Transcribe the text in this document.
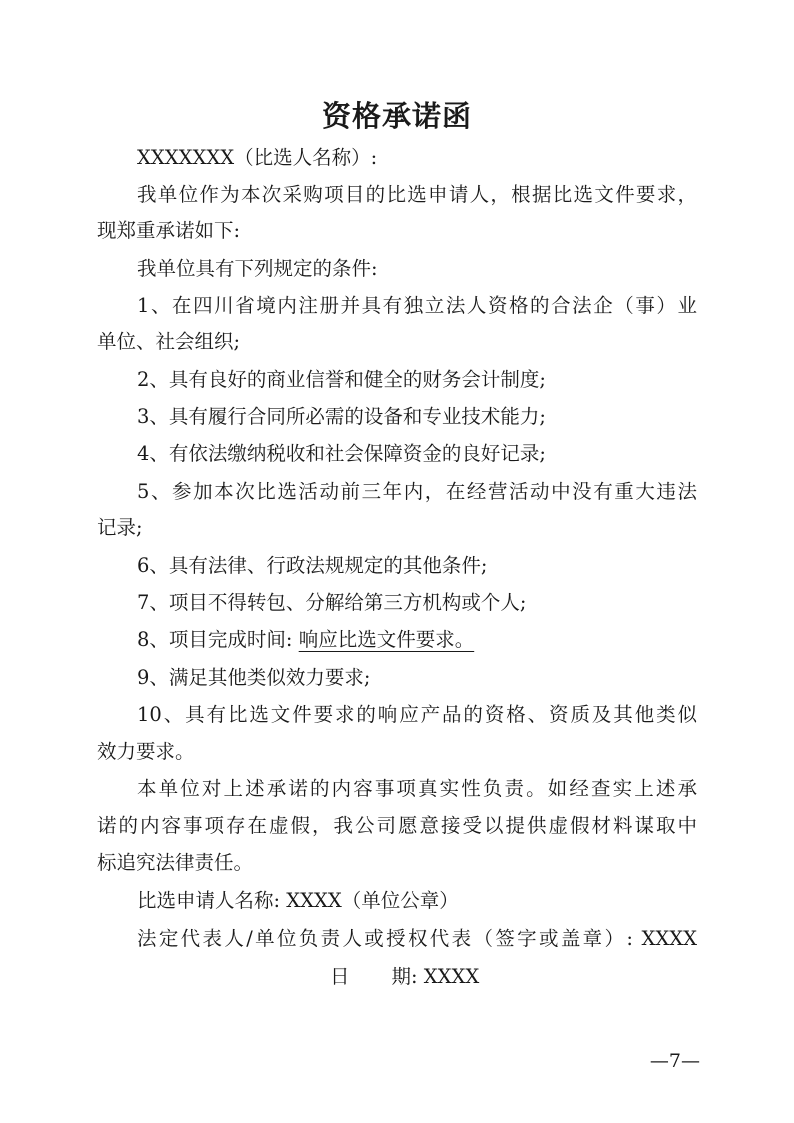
资格承诺函
XXXXXXX（比选人名称）:
我单位作为本次采购项目的比选申请人，根据比选文件要求，
现郑重承诺如下:
我单位具有下列规定的条件:
1、在四川省境内注册并具有独立法人资格的合法企（事）业
单位、社会组织;
2、具有良好的商业信誉和健全的财务会计制度;
3、具有履行合同所必需的设备和专业技术能力;
4、有依法缴纳税收和社会保障资金的良好记录;
5、参加本次比选活动前三年内，在经营活动中没有重大违法
记录;
6、具有法律、行政法规规定的其他条件;
7、项目不得转包、分解给第三方机构或个人;
8、项目完成时间: 响应比选文件要求。
9、满足其他类似效力要求;
10、具有比选文件要求的响应产品的资格、资质及其他类似
效力要求。
本单位对上述承诺的内容事项真实性负责。如经查实上述承
诺的内容事项存在虚假，我公司愿意接受以提供虚假材料谋取中
标追究法律责任。
比选申请人名称: XXXX（单位公章）
法定代表人/单位负责人或授权代表（签字或盖章）: XXXX
日 期: XXXX
—7—
